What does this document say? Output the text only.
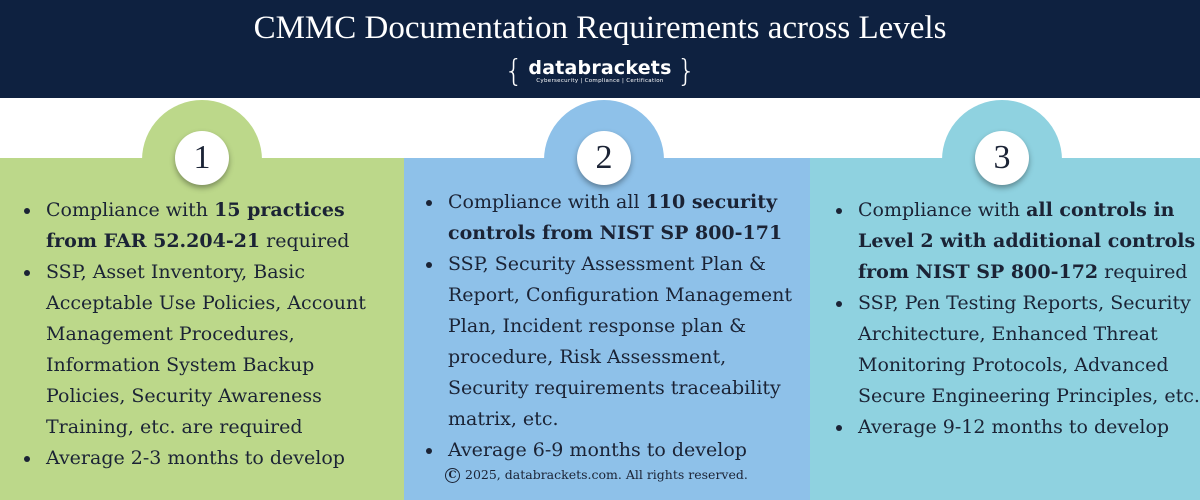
CMMC Documentation Requirements across Levels
{ databrackets
Cybersecurity | Compliance | Certification }
1	2	3
• Compliance with 15 practices from FAR 52.204-21 required
• SSP, Asset Inventory, Basic Acceptable Use Policies, Account Management Procedures, Information System Backup Policies, Security Awareness Training, etc. are required
• Average 2-3 months to develop
• Compliance with all 110 security controls from NIST SP 800-171
• SSP, Security Assessment Plan & Report, Configuration Management Plan, Incident response plan & procedure, Risk Assessment, Security requirements traceability matrix, etc.
• Average 6-9 months to develop
• Compliance with all controls in Level 2 with additional controls from NIST SP 800-172 required
• SSP, Pen Testing Reports, Security Architecture, Enhanced Threat Monitoring Protocols, Advanced Secure Engineering Principles, etc.
• Average 9-12 months to develop
C 2025, databrackets.com. All rights reserved.
